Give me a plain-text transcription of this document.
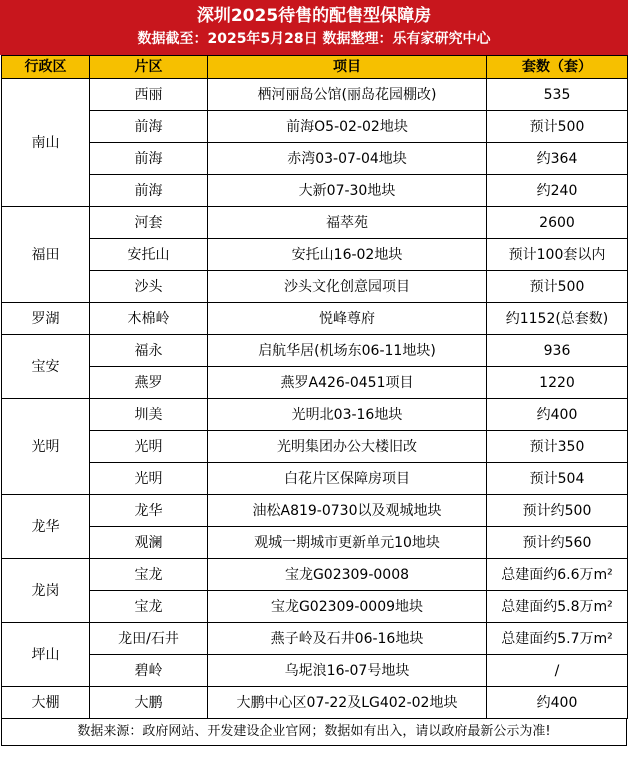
深圳2025待售的配售型保障房
数据截至：2025年5月28日 数据整理：乐有家研究中心
行政区	片区	项目	套数（套）
南山	西丽	栖河丽岛公馆(丽岛花园棚改)	535
	前海	前海O5-02-02地块	预计500
	前海	赤湾03-07-04地块	约364
	前海	大新07-30地块	约240
福田	河套	福萃苑	2600
	安托山	安托山16-02地块	预计100套以内
	沙头	沙头文化创意园项目	预计500
罗湖	木棉岭	悦峰尊府	约1152(总套数)
宝安	福永	启航华居(机场东06-11地块)	936
	燕罗	燕罗A426-0451项目	1220
光明	圳美	光明北03-16地块	约400
	光明	光明集团办公大楼旧改	预计350
	光明	白花片区保障房项目	预计504
龙华	龙华	油松A819-0730以及观城地块	预计约500
	观澜	观城一期城市更新单元10地块	预计约560
龙岗	宝龙	宝龙G02309-0008	总建面约6.6万m²
	宝龙	宝龙G02309-0009地块	总建面约5.8万m²
坪山	龙田/石井	燕子岭及石井06-16地块	总建面约5.7万m²
	碧岭	乌坭浪16-07号地块	/
大棚	大鹏	大鹏中心区07-22及LG402-02地块	约400
数据来源：政府网站、开发建设企业官网；数据如有出入，请以政府最新公示为准!
